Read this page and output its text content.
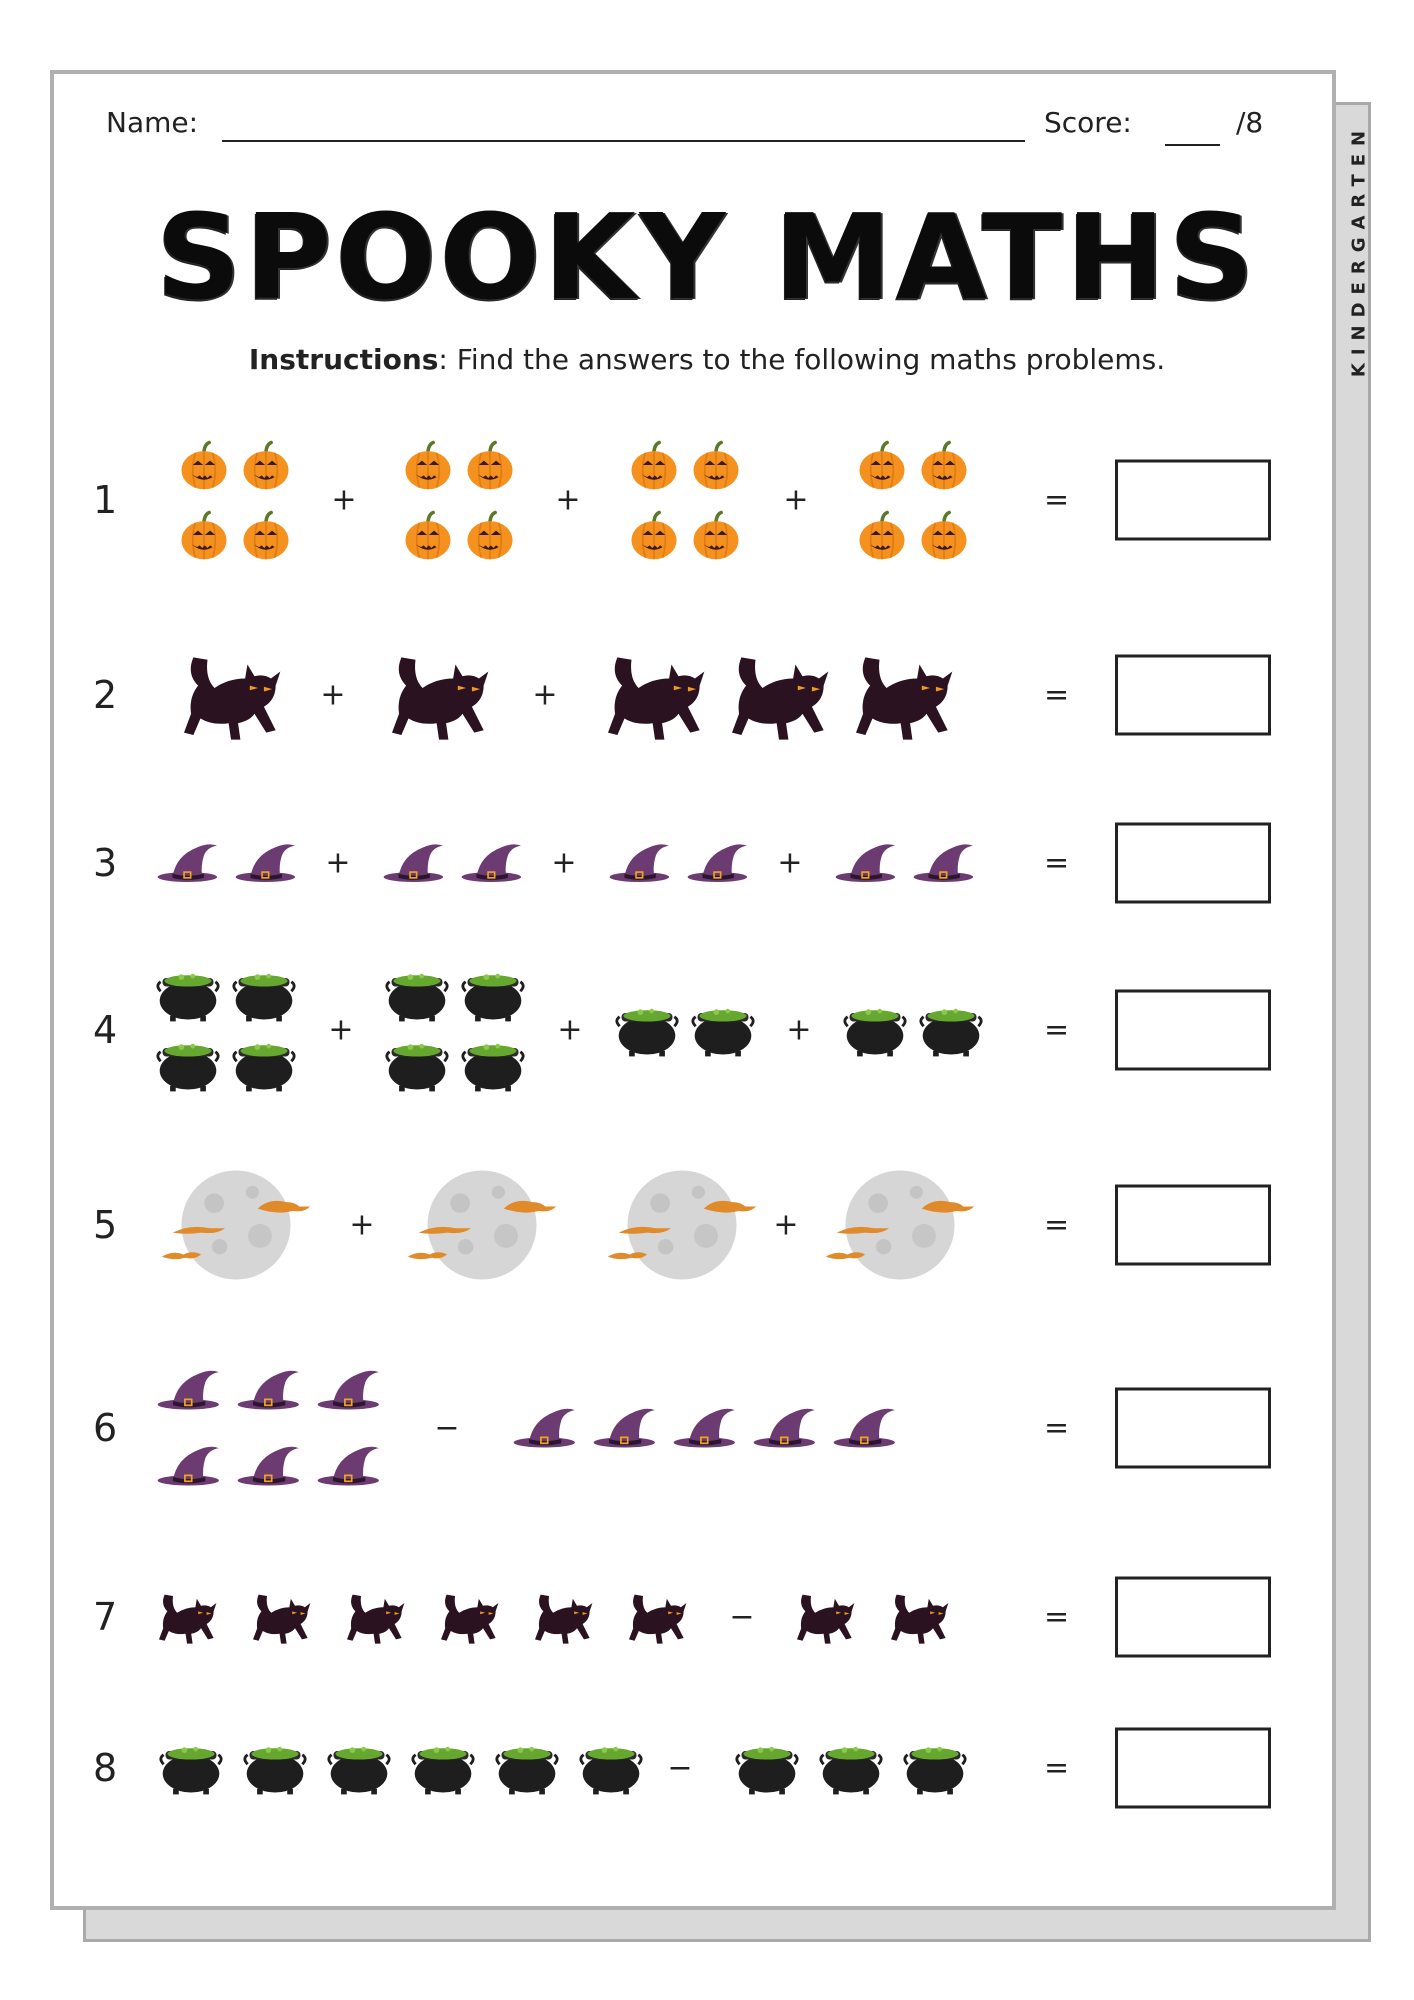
KINDERGARTEN
Name:	Score:	/8
SPOOKY MATHS
Instructions: Find the answers to the following maths problems.
1	+	+	+	=
2	+	+	=
3	+	+	+	=
4	+	+	+	=
5	+	+	=
6	−	=
7	−	=
8	−	=
